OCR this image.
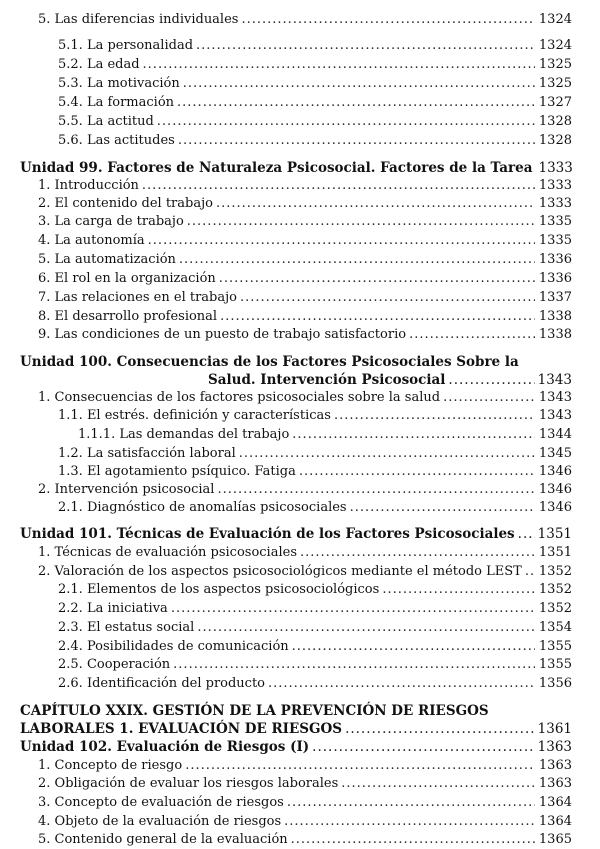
5. Las diferencias individuales .....	1324
5.1. La personalidad .....	1324
5.2. La edad .....	1325
5.3. La motivación .....	1325
5.4. La formación .....	1327
5.5. La actitud .....	1328
5.6. Las actitudes .....	1328
Unidad 99. Factores de Naturaleza Psicosocial. Factores de la Tarea 1333
1. Introducción .....	1333
2. El contenido del trabajo .....	1333
3. La carga de trabajo .....	1335
4. La autonomía .....	1335
5. La automatización .....	1336
6. El rol en la organización .....	1336
7. Las relaciones en el trabajo .....	1337
8. El desarrollo profesional .....	1338
9. Las condiciones de un puesto de trabajo satisfactorio .....	1338
Unidad 100. Consecuencias de los Factores Psicosociales Sobre la
Salud. Intervención Psicosocial .....	1343
1. Consecuencias de los factores psicosociales sobre la salud .....	1343
1.1. El estrés. definición y características .....	1343
1.1.1. Las demandas del trabajo .....	1344
1.2. La satisfacción laboral .....	1345
1.3. El agotamiento psíquico. Fatiga .....	1346
2. Intervención psicosocial .....	1346
2.1. Diagnóstico de anomalías psicosociales .....	1346
Unidad 101. Técnicas de Evaluación de los Factores Psicosociales ..... 1351
1. Técnicas de evaluación psicosociales .....	1351
2. Valoración de los aspectos psicosociológicos mediante el método LEST ..... 1352
2.1. Elementos de los aspectos psicosociológicos .....	1352
2.2. La iniciativa .....	1352
2.3. El estatus social .....	1354
2.4. Posibilidades de comunicación .....	1355
2.5. Cooperación .....	1355
2.6. Identificación del producto .....	1356
CAPÍTULO XXIX. GESTIÓN DE LA PREVENCIÓN DE RIESGOS
LABORALES 1. EVALUACIÓN DE RIESGOS .....	1361
Unidad 102. Evaluación de Riesgos (I) .....	1363
1. Concepto de riesgo .....	1363
2. Obligación de evaluar los riesgos laborales .....	1363
3. Concepto de evaluación de riesgos .....	1364
4. Objeto de la evaluación de riesgos .....	1364
5. Contenido general de la evaluación .....	1365
